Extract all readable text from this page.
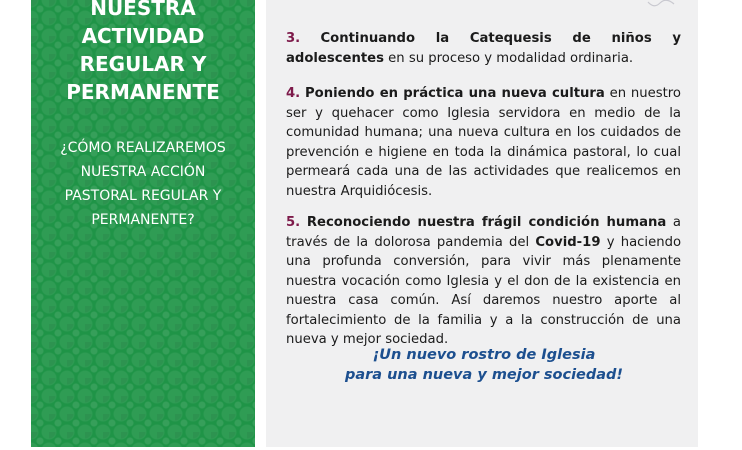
NUESTRA
ACTIVIDAD
REGULAR Y
PERMANENTE
¿CÓMO REALIZAREMOS
NUESTRA ACCIÓN
PASTORAL REGULAR Y
PERMANENTE?

3. Continuando la Catequesis de niños y adolescentes en su proceso y modalidad ordinaria.

4. Poniendo en práctica una nueva cultura en nuestro ser y quehacer como Iglesia servidora en medio de la comunidad humana; una nueva cultura en los cuidados de prevención e higiene en toda la dinámica pastoral, lo cual permeará cada una de las actividades que realicemos en nuestra Arquidiócesis.

5. Reconociendo nuestra frágil condición humana a través de la dolorosa pandemia del Covid-19 y haciendo una profunda conversión, para vivir más plenamente nuestra vocación como Iglesia y el don de la existencia en nuestra casa común. Así daremos nuestro aporte al fortalecimiento de la familia y a la construcción de una nueva y mejor sociedad.

¡Un nuevo rostro de Iglesia
para una nueva y mejor sociedad!
